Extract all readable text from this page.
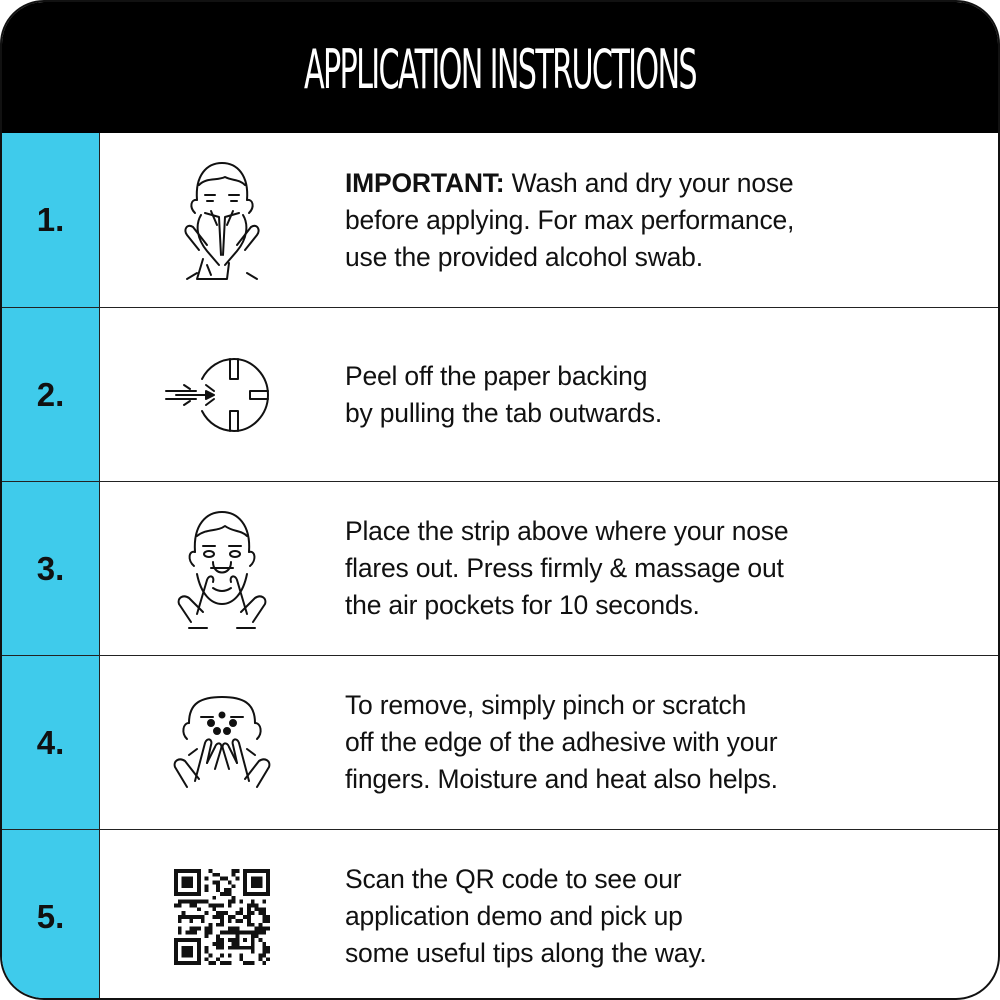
APPLICATION INSTRUCTIONS
1.
IMPORTANT: Wash and dry your nose
before applying. For max performance,
use the provided alcohol swab.
2.	Peel off the paper backing
by pulling the tab outwards.
3.
Place the strip above where your nose
flares out. Press firmly & massage out
the air pockets for 10 seconds.
4.
To remove, simply pinch or scratch
off the edge of the adhesive with your
fingers. Moisture and heat also helps.
5.
Scan the QR code to see our
application demo and pick up
some useful tips along the way.
